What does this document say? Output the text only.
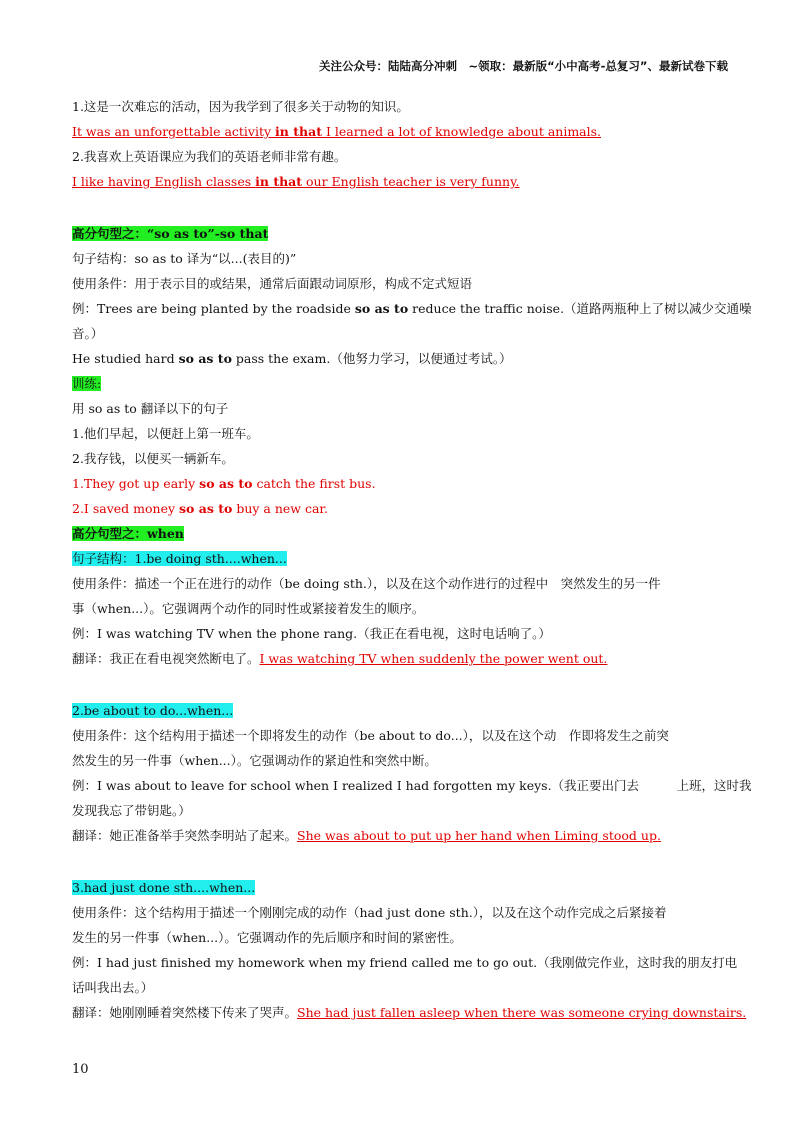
关注公众号：陆陆高分冲刺　~领取：最新版“小中高考-总复习”、最新试卷下载
1.这是一次难忘的活动，因为我学到了很多关于动物的知识。
It was an unforgettable activity in that I learned a lot of knowledge about animals.
2.我喜欢上英语课应为我们的英语老师非常有趣。
I like having English classes in that our English teacher is very funny.
高分句型之：“so as to”-so that
句子结构：so as to 译为“以...(表目的)”
使用条件：用于表示目的或结果，通常后面跟动词原形，构成不定式短语
例：Trees are being planted by the roadside so as to reduce the traffic noise.（道路两瓶种上了树以减少交通噪
音。）
He studied hard so as to pass the exam.（他努力学习，以便通过考试。）
训练:
用 so as to 翻译以下的句子
1.他们早起，以便赶上第一班车。
2.我存钱，以便买一辆新车。
1.They got up early so as to catch the first bus.
2.I saved money so as to buy a new car.
高分句型之：when
句子结构：1.be doing sth....when...
使用条件：描述一个正在进行的动作（be doing sth.），以及在这个动作进行的过程中　突然发生的另一件
事（when...）。它强调两个动作的同时性或紧接着发生的顺序。
例：I was watching TV when the phone rang.（我正在看电视，这时电话响了。）
翻译：我正在看电视突然断电了。I was watching TV when suddenly the power went out.
2.be about to do...when...
使用条件：这个结构用于描述一个即将发生的动作（be about to do...），以及在这个动　作即将发生之前突
然发生的另一件事（when...）。它强调动作的紧迫性和突然中断。
例：I was about to leave for school when I realized I had forgotten my keys.（我正要出门去　　　上班，这时我
发现我忘了带钥匙。）
翻译：她正准备举手突然李明站了起来。She was about to put up her hand when Liming stood up.
3.had just done sth....when...
使用条件：这个结构用于描述一个刚刚完成的动作（had just done sth.），以及在这个动作完成之后紧接着
发生的另一件事（when...）。它强调动作的先后顺序和时间的紧密性。
例：I had just finished my homework when my friend called me to go out.（我刚做完作业，这时我的朋友打电
话叫我出去。）
翻译：她刚刚睡着突然楼下传来了哭声。She had just fallen asleep when there was someone crying downstairs.
10
